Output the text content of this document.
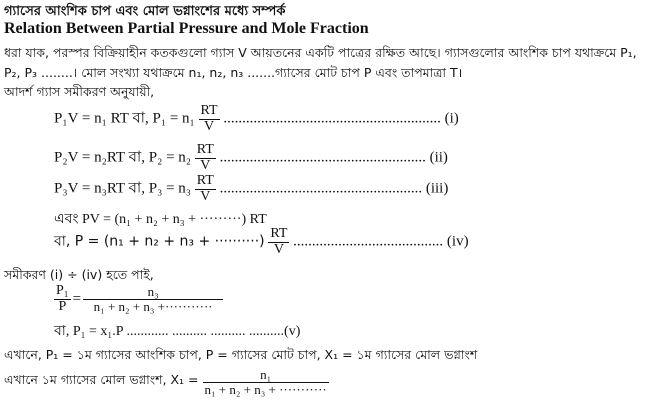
গ্যাসের আংশিক চাপ এবং মোল ভগ্নাংশের মধ্যে সম্পর্ক
Relation Between Partial Pressure and Mole Fraction
ধরা যাক, পরস্পর বিক্রিয়াহীন কতকগুলো গ্যাস V আয়তনের একটি পাত্রের রক্ষিত আছে। গ্যাসগুলোর আংশিক চাপ যথাক্রমে P₁,
P₂, P₃ ........। মোল সংখ্যা যথাক্রমে n₁, n₂, n₃ .......গ্যাসের মোট চাপ P এবং তাপমাত্রা T।
আদর্শ গ্যাস সমীকরণ অনুযায়ী,
P₁V = n₁ RT বা, $P_1 = n_1 \frac{RT}{V}$ .......................................................... (i)
P₂V = n₂RT বা, $P_2 = n_2 \frac{RT}{V}$ ....................................................... (ii)
P₃V = n₃RT বা, $P_3 = n_3 \frac{RT}{V}$ ...................................................... (iii)
এবং PV = (n₁ + n₂ + n₃ + ·········) RT
বা, P = (n₁ + n₂ + n₃ + ··········) $\frac{RT}{V}$ ........................................ (iv)
সমীকরণ (i) ÷ (iv) হতে পাই,
$\frac{\text{P₁}}{P} = \frac{\text{n₃}}{\text{n₁ + n₂ + n₃ +···········}}$
বা, P₁ = x₁.P ............ .......... .......... ..........(v)
এখানে, P₁ = ১ম গ্যাসের আংশিক চাপ, P = গ্যাসের মোট চাপ, X₁ = ১ম গ্যাসের মোল ভগ্নাংশ
এখানে ১ম গ্যাসের মোল ভগ্নাংশ, $X_1 = \frac{\text{n₁}}{\text{n₁ + n₂ + n₃ + ···········}}$
